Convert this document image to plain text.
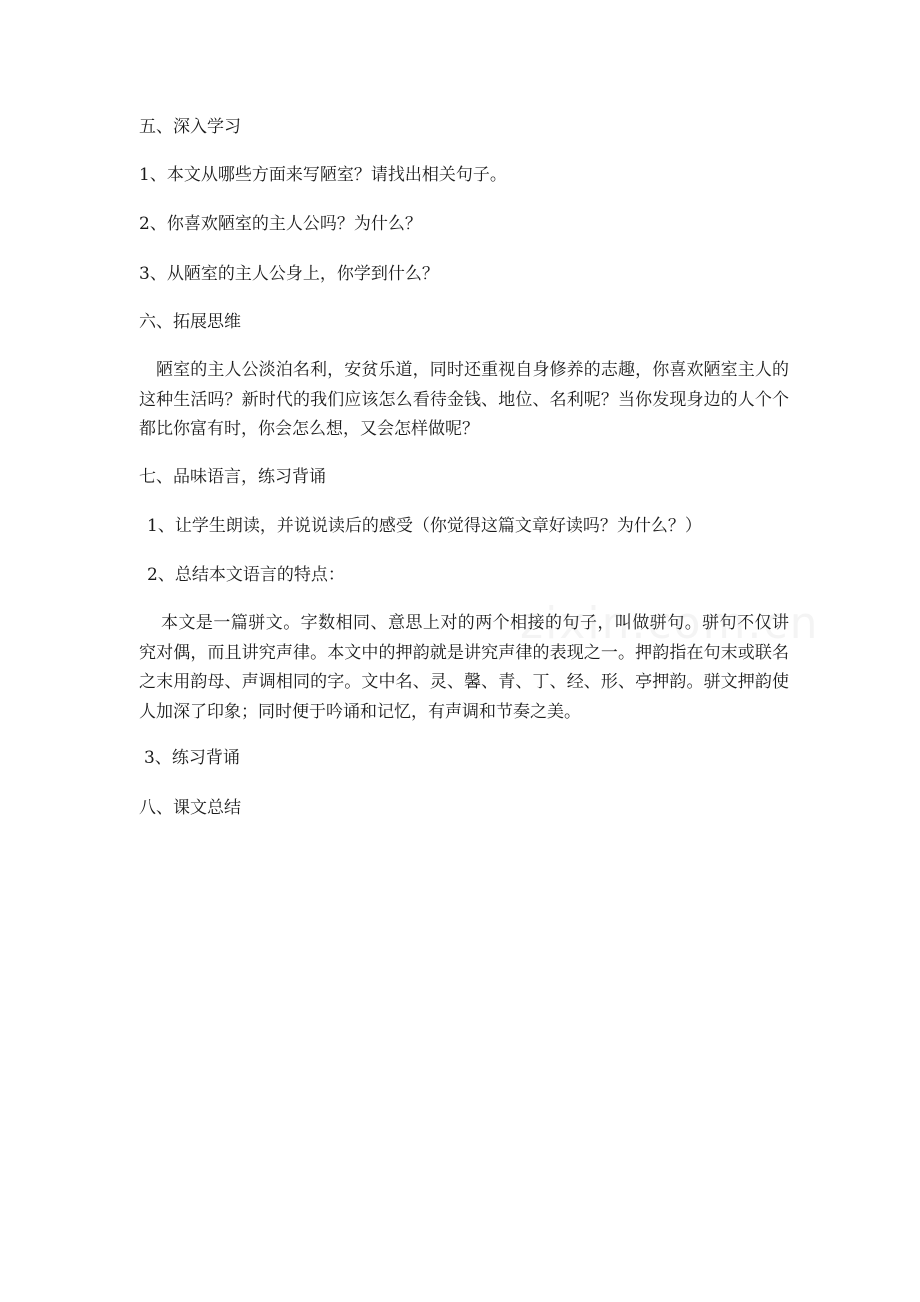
五、深入学习
1、本文从哪些方面来写陋室？请找出相关句子。
2、你喜欢陋室的主人公吗？为什么？
3、从陋室的主人公身上，你学到什么？
六、拓展思维
陋室的主人公淡泊名利，安贫乐道，同时还重视自身修养的志趣，你喜欢陋室主人的这种生活吗？新时代的我们应该怎么看待金钱、地位、名利呢？当你发现身边的人个个都比你富有时，你会怎么想，又会怎样做呢？
七、品味语言，练习背诵
1、让学生朗读，并说说读后的感受（你觉得这篇文章好读吗？为什么？）
2、总结本文语言的特点：
本文是一篇骈文。字数相同、意思上对的两个相接的句子，叫做骈句。骈句不仅讲究对偶，而且讲究声律。本文中的押韵就是讲究声律的表现之一。押韵指在句末或联名之末用韵母、声调相同的字。文中名、灵、馨、青、丁、经、形、亭押韵。骈文押韵使人加深了印象；同时便于吟诵和记忆，有声调和节奏之美。
3、练习背诵
八、课文总结
